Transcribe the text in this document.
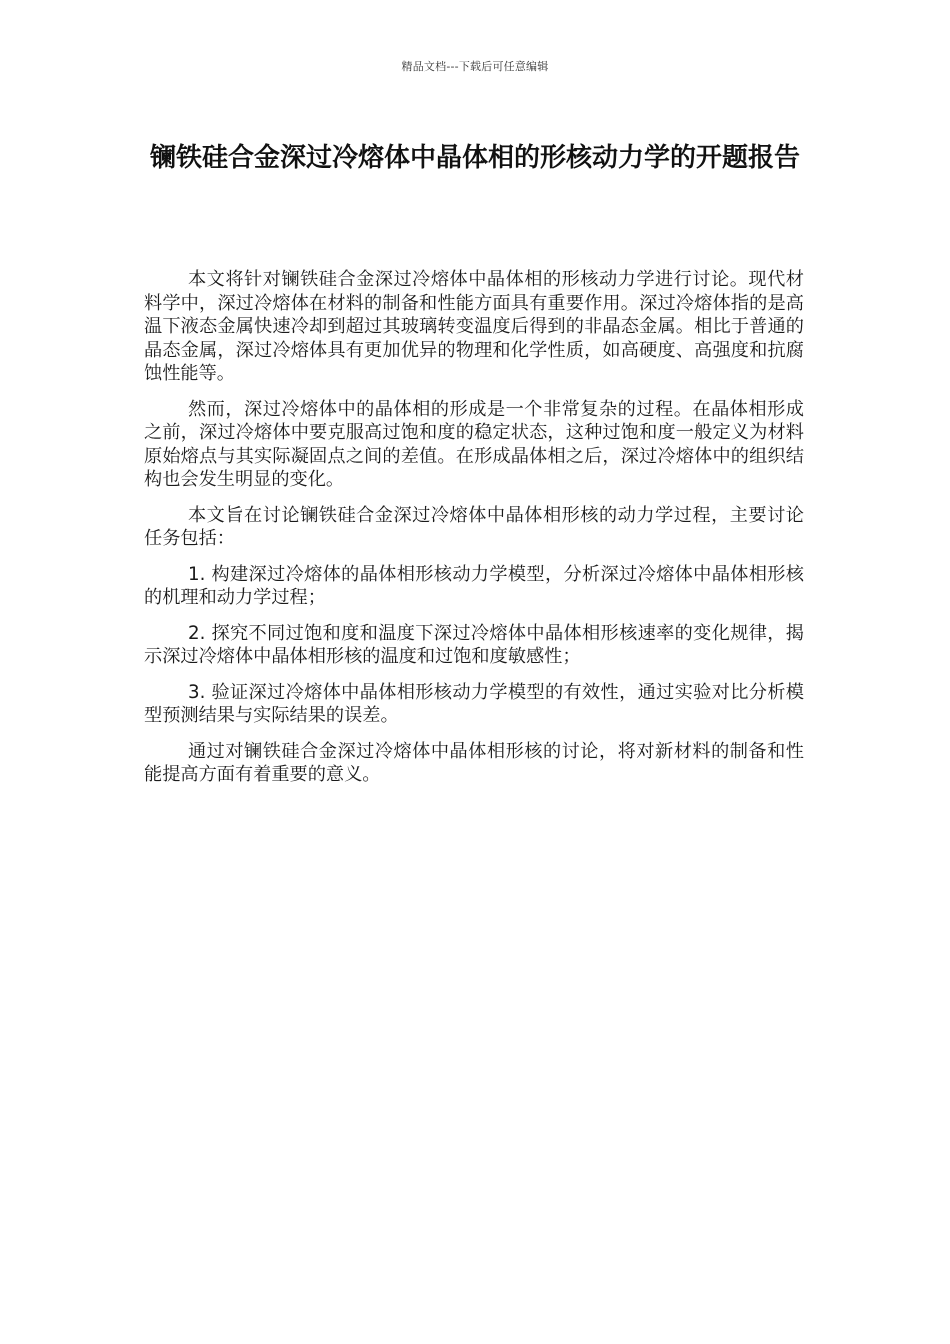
精品文档---下载后可任意编辑
镧铁硅合金深过冷熔体中晶体相的形核动力学的开题报告

本文将针对镧铁硅合金深过冷熔体中晶体相的形核动力学进行讨论。现代材料学中，深过冷熔体在材料的制备和性能方面具有重要作用。深过冷熔体指的是高温下液态金属快速冷却到超过其玻璃转变温度后得到的非晶态金属。相比于普通的晶态金属，深过冷熔体具有更加优异的物理和化学性质，如高硬度、高强度和抗腐蚀性能等。

然而，深过冷熔体中的晶体相的形成是一个非常复杂的过程。在晶体相形成之前，深过冷熔体中要克服高过饱和度的稳定状态，这种过饱和度一般定义为材料原始熔点与其实际凝固点之间的差值。在形成晶体相之后，深过冷熔体中的组织结构也会发生明显的变化。

本文旨在讨论镧铁硅合金深过冷熔体中晶体相形核的动力学过程，主要讨论任务包括：

1. 构建深过冷熔体的晶体相形核动力学模型，分析深过冷熔体中晶体相形核的机理和动力学过程；

2. 探究不同过饱和度和温度下深过冷熔体中晶体相形核速率的变化规律，揭示深过冷熔体中晶体相形核的温度和过饱和度敏感性；

3. 验证深过冷熔体中晶体相形核动力学模型的有效性，通过实验对比分析模型预测结果与实际结果的误差。

通过对镧铁硅合金深过冷熔体中晶体相形核的讨论，将对新材料的制备和性能提高方面有着重要的意义。
